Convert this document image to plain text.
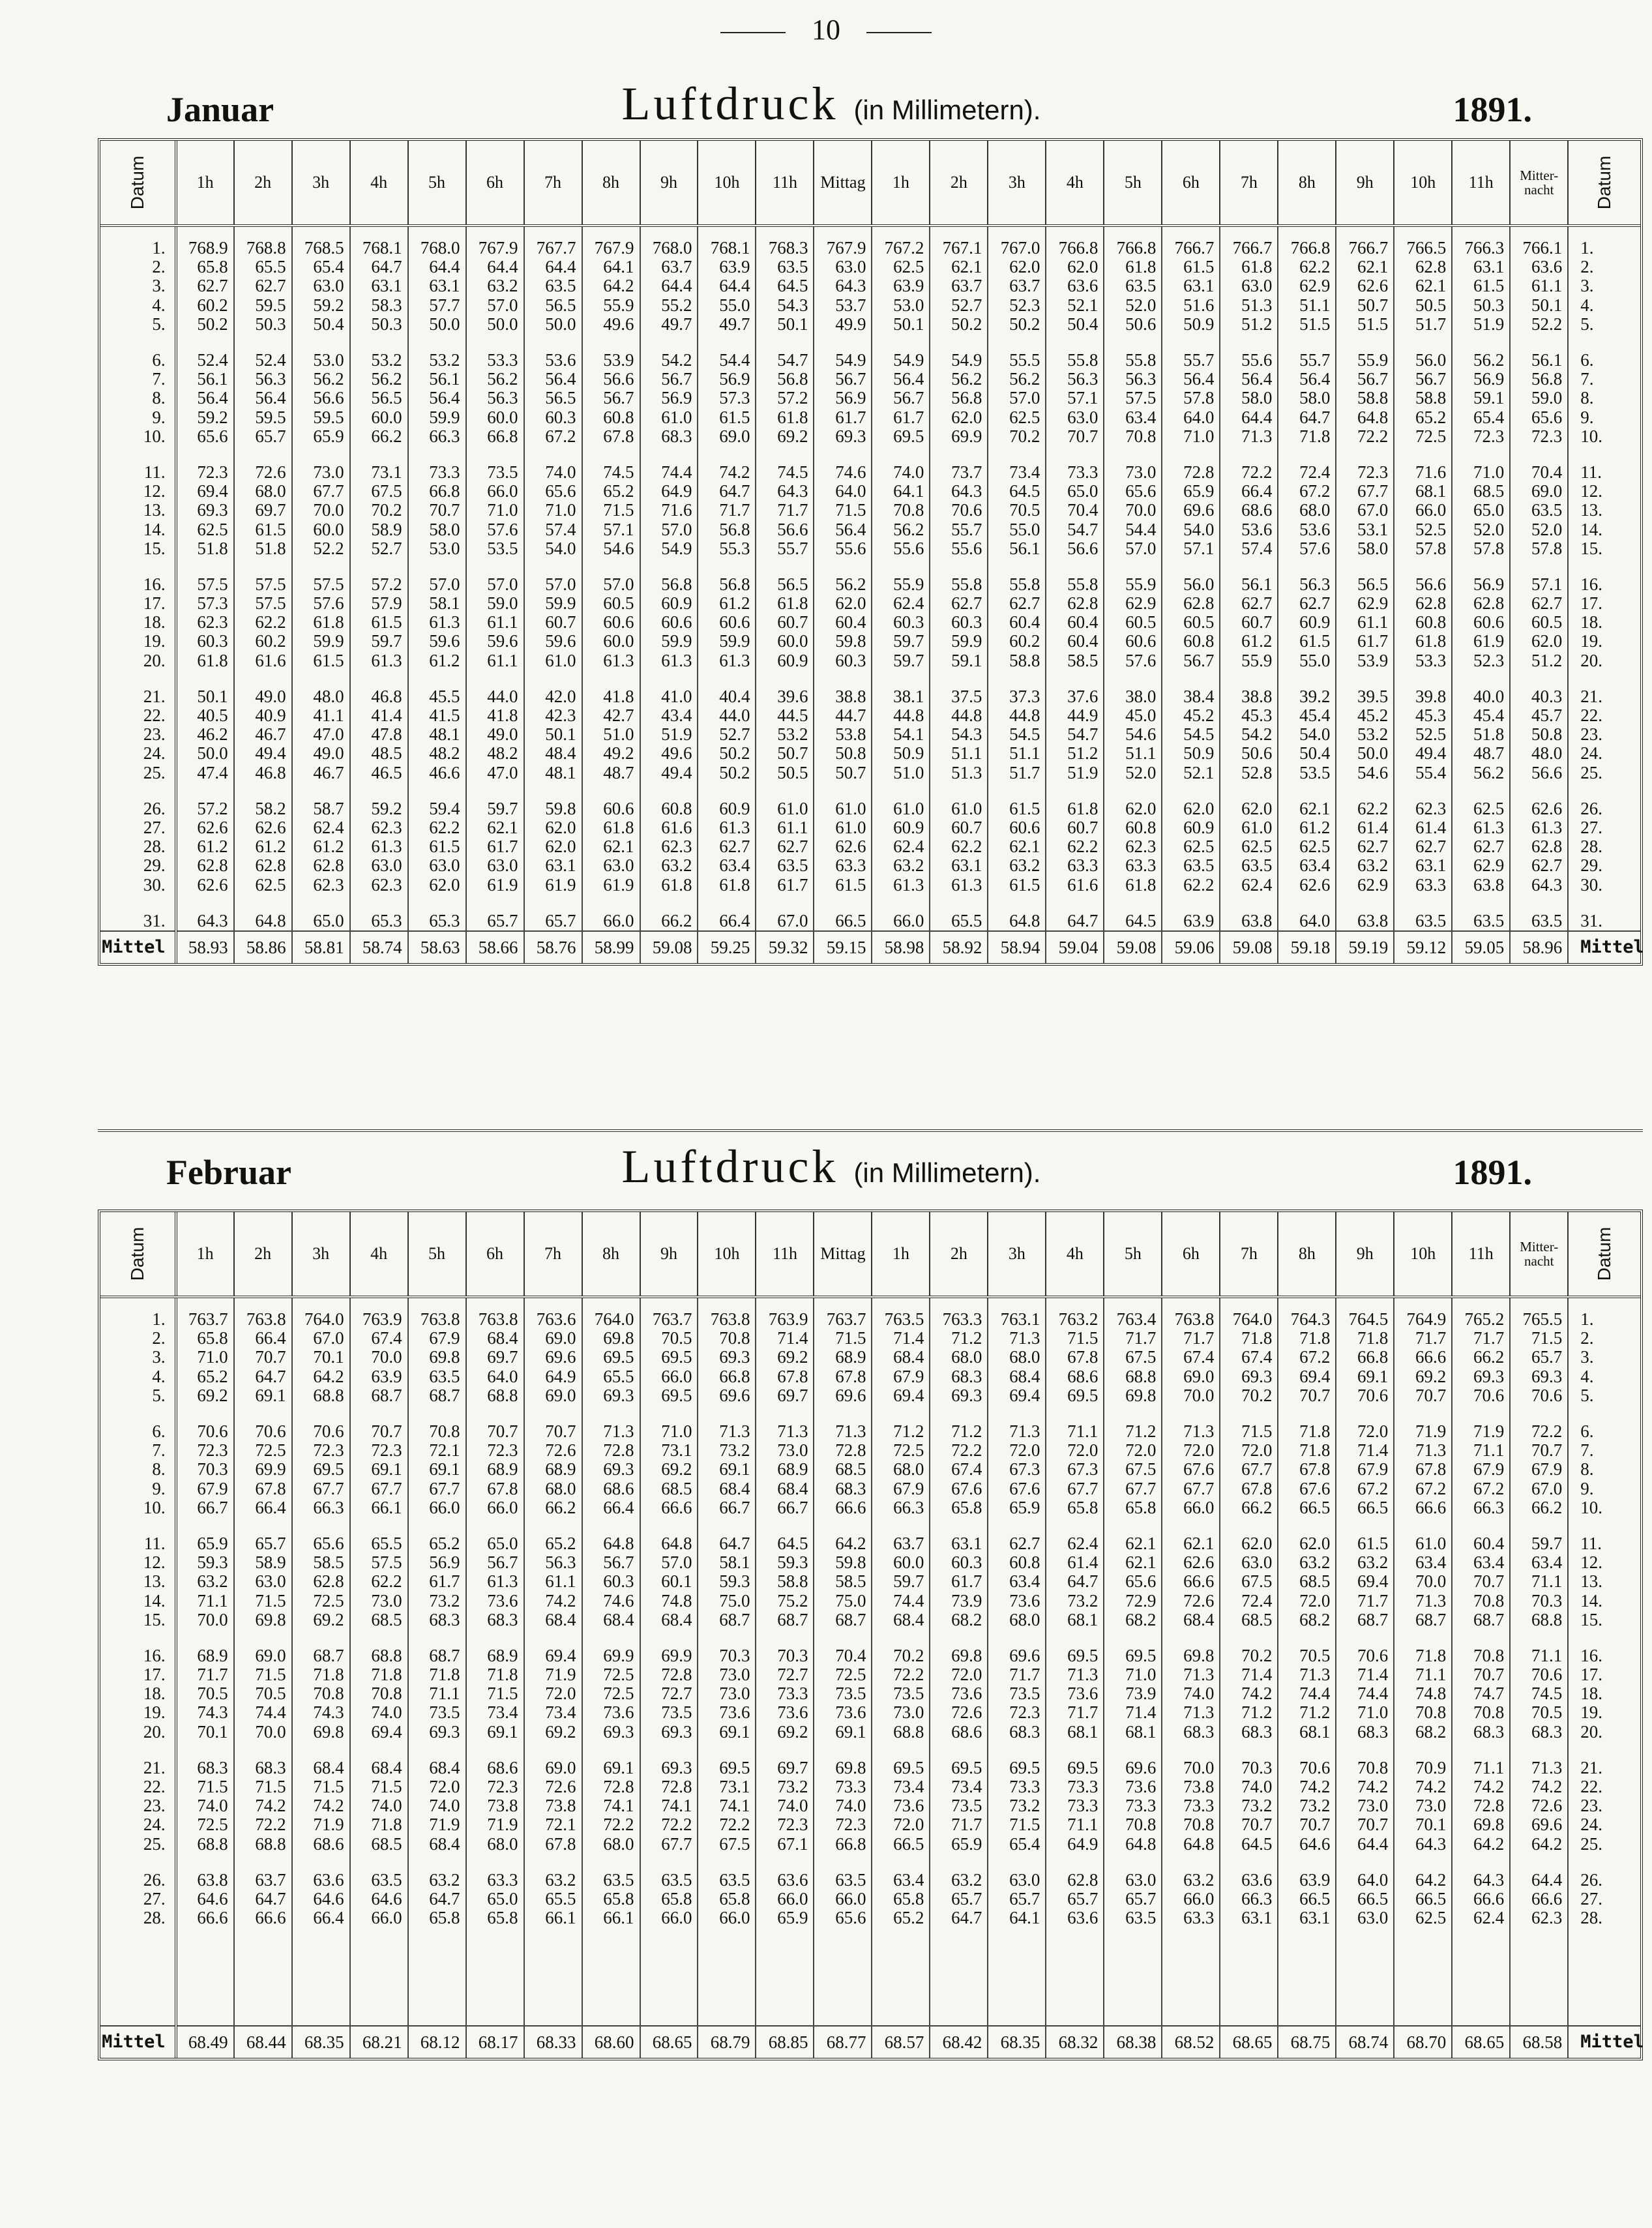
10
Januar	Luftdruck (in Millimetern).	1891.
Datum	1h	2h	3h	4h	5h	6h	7h	8h	9h	10h	11h	Mittag	1h	2h	3h	4h	5h	6h	7h	8h	9h	10h	11h	Mitter-nacht	Datum

1.	768.9	768.8	768.5	768.1	768.0	767.9	767.7	767.9	768.0	768.1	768.3	767.9	767.2	767.1	767.0	766.8	766.8	766.7	766.7	766.8	766.7	766.5	766.3	766.1	1.
2.	65.8	65.5	65.4	64.7	64.4	64.4	64.4	64.1	63.7	63.9	63.5	63.0	62.5	62.1	62.0	62.0	61.8	61.5	61.8	62.2	62.1	62.8	63.1	63.6	2.
3.	62.7	62.7	63.0	63.1	63.1	63.2	63.5	64.2	64.4	64.4	64.5	64.3	63.9	63.7	63.7	63.6	63.5	63.1	63.0	62.9	62.6	62.1	61.5	61.1	3.
4.	60.2	59.5	59.2	58.3	57.7	57.0	56.5	55.9	55.2	55.0	54.3	53.7	53.0	52.7	52.3	52.1	52.0	51.6	51.3	51.1	50.7	50.5	50.3	50.1	4.
5.	50.2	50.3	50.4	50.3	50.0	50.0	50.0	49.6	49.7	49.7	50.1	49.9	50.1	50.2	50.2	50.4	50.6	50.9	51.2	51.5	51.5	51.7	51.9	52.2	5.

6.	52.4	52.4	53.0	53.2	53.2	53.3	53.6	53.9	54.2	54.4	54.7	54.9	54.9	54.9	55.5	55.8	55.8	55.7	55.6	55.7	55.9	56.0	56.2	56.1	6.
7.	56.1	56.3	56.2	56.2	56.1	56.2	56.4	56.6	56.7	56.9	56.8	56.7	56.4	56.2	56.2	56.3	56.3	56.4	56.4	56.4	56.7	56.7	56.9	56.8	7.
8.	56.4	56.4	56.6	56.5	56.4	56.3	56.5	56.7	56.9	57.3	57.2	56.9	56.7	56.8	57.0	57.1	57.5	57.8	58.0	58.0	58.8	58.8	59.1	59.0	8.
9.	59.2	59.5	59.5	60.0	59.9	60.0	60.3	60.8	61.0	61.5	61.8	61.7	61.7	62.0	62.5	63.0	63.4	64.0	64.4	64.7	64.8	65.2	65.4	65.6	9.
10.	65.6	65.7	65.9	66.2	66.3	66.8	67.2	67.8	68.3	69.0	69.2	69.3	69.5	69.9	70.2	70.7	70.8	71.0	71.3	71.8	72.2	72.5	72.3	72.3	10.

11.	72.3	72.6	73.0	73.1	73.3	73.5	74.0	74.5	74.4	74.2	74.5	74.6	74.0	73.7	73.4	73.3	73.0	72.8	72.2	72.4	72.3	71.6	71.0	70.4	11.
12.	69.4	68.0	67.7	67.5	66.8	66.0	65.6	65.2	64.9	64.7	64.3	64.0	64.1	64.3	64.5	65.0	65.6	65.9	66.4	67.2	67.7	68.1	68.5	69.0	12.
13.	69.3	69.7	70.0	70.2	70.7	71.0	71.0	71.5	71.6	71.7	71.7	71.5	70.8	70.6	70.5	70.4	70.0	69.6	68.6	68.0	67.0	66.0	65.0	63.5	13.
14.	62.5	61.5	60.0	58.9	58.0	57.6	57.4	57.1	57.0	56.8	56.6	56.4	56.2	55.7	55.0	54.7	54.4	54.0	53.6	53.6	53.1	52.5	52.0	52.0	14.
15.	51.8	51.8	52.2	52.7	53.0	53.5	54.0	54.6	54.9	55.3	55.7	55.6	55.6	55.6	56.1	56.6	57.0	57.1	57.4	57.6	58.0	57.8	57.8	57.8	15.

16.	57.5	57.5	57.5	57.2	57.0	57.0	57.0	57.0	56.8	56.8	56.5	56.2	55.9	55.8	55.8	55.8	55.9	56.0	56.1	56.3	56.5	56.6	56.9	57.1	16.
17.	57.3	57.5	57.6	57.9	58.1	59.0	59.9	60.5	60.9	61.2	61.8	62.0	62.4	62.7	62.7	62.8	62.9	62.8	62.7	62.7	62.9	62.8	62.8	62.7	17.
18.	62.3	62.2	61.8	61.5	61.3	61.1	60.7	60.6	60.6	60.6	60.7	60.4	60.3	60.3	60.4	60.4	60.5	60.5	60.7	60.9	61.1	60.8	60.6	60.5	18.
19.	60.3	60.2	59.9	59.7	59.6	59.6	59.6	60.0	59.9	59.9	60.0	59.8	59.7	59.9	60.2	60.4	60.6	60.8	61.2	61.5	61.7	61.8	61.9	62.0	19.
20.	61.8	61.6	61.5	61.3	61.2	61.1	61.0	61.3	61.3	61.3	60.9	60.3	59.7	59.1	58.8	58.5	57.6	56.7	55.9	55.0	53.9	53.3	52.3	51.2	20.

21.	50.1	49.0	48.0	46.8	45.5	44.0	42.0	41.8	41.0	40.4	39.6	38.8	38.1	37.5	37.3	37.6	38.0	38.4	38.8	39.2	39.5	39.8	40.0	40.3	21.
22.	40.5	40.9	41.1	41.4	41.5	41.8	42.3	42.7	43.4	44.0	44.5	44.7	44.8	44.8	44.8	44.9	45.0	45.2	45.3	45.4	45.2	45.3	45.4	45.7	22.
23.	46.2	46.7	47.0	47.8	48.1	49.0	50.1	51.0	51.9	52.7	53.2	53.8	54.1	54.3	54.5	54.7	54.6	54.5	54.2	54.0	53.2	52.5	51.8	50.8	23.
24.	50.0	49.4	49.0	48.5	48.2	48.2	48.4	49.2	49.6	50.2	50.7	50.8	50.9	51.1	51.1	51.2	51.1	50.9	50.6	50.4	50.0	49.4	48.7	48.0	24.
25.	47.4	46.8	46.7	46.5	46.6	47.0	48.1	48.7	49.4	50.2	50.5	50.7	51.0	51.3	51.7	51.9	52.0	52.1	52.8	53.5	54.6	55.4	56.2	56.6	25.

26.	57.2	58.2	58.7	59.2	59.4	59.7	59.8	60.6	60.8	60.9	61.0	61.0	61.0	61.0	61.5	61.8	62.0	62.0	62.0	62.1	62.2	62.3	62.5	62.6	26.
27.	62.6	62.6	62.4	62.3	62.2	62.1	62.0	61.8	61.6	61.3	61.1	61.0	60.9	60.7	60.6	60.7	60.8	60.9	61.0	61.2	61.4	61.4	61.3	61.3	27.
28.	61.2	61.2	61.2	61.3	61.5	61.7	62.0	62.1	62.3	62.7	62.7	62.6	62.4	62.2	62.1	62.2	62.3	62.5	62.5	62.5	62.7	62.7	62.7	62.8	28.
29.	62.8	62.8	62.8	63.0	63.0	63.0	63.1	63.0	63.2	63.4	63.5	63.3	63.2	63.1	63.2	63.3	63.3	63.5	63.5	63.4	63.2	63.1	62.9	62.7	29.
30.	62.6	62.5	62.3	62.3	62.0	61.9	61.9	61.9	61.8	61.8	61.7	61.5	61.3	61.3	61.5	61.6	61.8	62.2	62.4	62.6	62.9	63.3	63.8	64.3	30.

31.	64.3	64.8	65.0	65.3	65.3	65.7	65.7	66.0	66.2	66.4	67.0	66.5	66.0	65.5	64.8	64.7	64.5	63.9	63.8	64.0	63.8	63.5	63.5	63.5	31.
Mittel	58.93	58.86	58.81	58.74	58.63	58.66	58.76	58.99	59.08	59.25	59.32	59.15	58.98	58.92	58.94	59.04	59.08	59.06	59.08	59.18	59.19	59.12	59.05	58.96	Mittel
Februar	Luftdruck (in Millimetern).	1891.
Datum	1h	2h	3h	4h	5h	6h	7h	8h	9h	10h	11h	Mittag	1h	2h	3h	4h	5h	6h	7h	8h	9h	10h	11h	Mitter-nacht	Datum

1.	763.7	763.8	764.0	763.9	763.8	763.8	763.6	764.0	763.7	763.8	763.9	763.7	763.5	763.3	763.1	763.2	763.4	763.8	764.0	764.3	764.5	764.9	765.2	765.5	1.
2.	65.8	66.4	67.0	67.4	67.9	68.4	69.0	69.8	70.5	70.8	71.4	71.5	71.4	71.2	71.3	71.5	71.7	71.7	71.8	71.8	71.8	71.7	71.7	71.5	2.
3.	71.0	70.7	70.1	70.0	69.8	69.7	69.6	69.5	69.5	69.3	69.2	68.9	68.4	68.0	68.0	67.8	67.5	67.4	67.4	67.2	66.8	66.6	66.2	65.7	3.
4.	65.2	64.7	64.2	63.9	63.5	64.0	64.9	65.5	66.0	66.8	67.8	67.8	67.9	68.3	68.4	68.6	68.8	69.0	69.3	69.4	69.1	69.2	69.3	69.3	4.
5.	69.2	69.1	68.8	68.7	68.7	68.8	69.0	69.3	69.5	69.6	69.7	69.6	69.4	69.3	69.4	69.5	69.8	70.0	70.2	70.7	70.6	70.7	70.6	70.6	5.

6.	70.6	70.6	70.6	70.7	70.8	70.7	70.7	71.3	71.0	71.3	71.3	71.3	71.2	71.2	71.3	71.1	71.2	71.3	71.5	71.8	72.0	71.9	71.9	72.2	6.
7.	72.3	72.5	72.3	72.3	72.1	72.3	72.6	72.8	73.1	73.2	73.0	72.8	72.5	72.2	72.0	72.0	72.0	72.0	72.0	71.8	71.4	71.3	71.1	70.7	7.
8.	70.3	69.9	69.5	69.1	69.1	68.9	68.9	69.3	69.2	69.1	68.9	68.5	68.0	67.4	67.3	67.3	67.5	67.6	67.7	67.8	67.9	67.8	67.9	67.9	8.
9.	67.9	67.8	67.7	67.7	67.7	67.8	68.0	68.6	68.5	68.4	68.4	68.3	67.9	67.6	67.6	67.7	67.7	67.7	67.8	67.6	67.2	67.2	67.2	67.0	9.
10.	66.7	66.4	66.3	66.1	66.0	66.0	66.2	66.4	66.6	66.7	66.7	66.6	66.3	65.8	65.9	65.8	65.8	66.0	66.2	66.5	66.5	66.6	66.3	66.2	10.

11.	65.9	65.7	65.6	65.5	65.2	65.0	65.2	64.8	64.8	64.7	64.5	64.2	63.7	63.1	62.7	62.4	62.1	62.1	62.0	62.0	61.5	61.0	60.4	59.7	11.
12.	59.3	58.9	58.5	57.5	56.9	56.7	56.3	56.7	57.0	58.1	59.3	59.8	60.0	60.3	60.8	61.4	62.1	62.6	63.0	63.2	63.2	63.4	63.4	63.4	12.
13.	63.2	63.0	62.8	62.2	61.7	61.3	61.1	60.3	60.1	59.3	58.8	58.5	59.7	61.7	63.4	64.7	65.6	66.6	67.5	68.5	69.4	70.0	70.7	71.1	13.
14.	71.1	71.5	72.5	73.0	73.2	73.6	74.2	74.6	74.8	75.0	75.2	75.0	74.4	73.9	73.6	73.2	72.9	72.6	72.4	72.0	71.7	71.3	70.8	70.3	14.
15.	70.0	69.8	69.2	68.5	68.3	68.3	68.4	68.4	68.4	68.7	68.7	68.7	68.4	68.2	68.0	68.1	68.2	68.4	68.5	68.2	68.7	68.7	68.7	68.8	15.

16.	68.9	69.0	68.7	68.8	68.7	68.9	69.4	69.9	69.9	70.3	70.3	70.4	70.2	69.8	69.6	69.5	69.5	69.8	70.2	70.5	70.6	71.8	70.8	71.1	16.
17.	71.7	71.5	71.8	71.8	71.8	71.8	71.9	72.5	72.8	73.0	72.7	72.5	72.2	72.0	71.7	71.3	71.0	71.3	71.4	71.3	71.4	71.1	70.7	70.6	17.
18.	70.5	70.5	70.8	70.8	71.1	71.5	72.0	72.5	72.7	73.0	73.3	73.5	73.5	73.6	73.5	73.6	73.9	74.0	74.2	74.4	74.4	74.8	74.7	74.5	18.
19.	74.3	74.4	74.3	74.0	73.5	73.4	73.4	73.6	73.5	73.6	73.6	73.6	73.0	72.6	72.3	71.7	71.4	71.3	71.2	71.2	71.0	70.8	70.8	70.5	19.
20.	70.1	70.0	69.8	69.4	69.3	69.1	69.2	69.3	69.3	69.1	69.2	69.1	68.8	68.6	68.3	68.1	68.1	68.3	68.3	68.1	68.3	68.2	68.3	68.3	20.

21.	68.3	68.3	68.4	68.4	68.4	68.6	69.0	69.1	69.3	69.5	69.7	69.8	69.5	69.5	69.5	69.5	69.6	70.0	70.3	70.6	70.8	70.9	71.1	71.3	21.
22.	71.5	71.5	71.5	71.5	72.0	72.3	72.6	72.8	72.8	73.1	73.2	73.3	73.4	73.4	73.3	73.3	73.6	73.8	74.0	74.2	74.2	74.2	74.2	74.2	22.
23.	74.0	74.2	74.2	74.0	74.0	73.8	73.8	74.1	74.1	74.1	74.0	74.0	73.6	73.5	73.2	73.3	73.3	73.3	73.2	73.2	73.0	73.0	72.8	72.6	23.
24.	72.5	72.2	71.9	71.8	71.9	71.9	72.1	72.2	72.2	72.2	72.3	72.3	72.0	71.7	71.5	71.1	70.8	70.8	70.7	70.7	70.7	70.1	69.8	69.6	24.
25.	68.8	68.8	68.6	68.5	68.4	68.0	67.8	68.0	67.7	67.5	67.1	66.8	66.5	65.9	65.4	64.9	64.8	64.8	64.5	64.6	64.4	64.3	64.2	64.2	25.

26.	63.8	63.7	63.6	63.5	63.2	63.3	63.2	63.5	63.5	63.5	63.6	63.5	63.4	63.2	63.0	62.8	63.0	63.2	63.6	63.9	64.0	64.2	64.3	64.4	26.
27.	64.6	64.7	64.6	64.6	64.7	65.0	65.5	65.8	65.8	65.8	66.0	66.0	65.8	65.7	65.7	65.7	65.7	66.0	66.3	66.5	66.5	66.5	66.6	66.6	27.
28.	66.6	66.6	66.4	66.0	65.8	65.8	66.1	66.1	66.0	66.0	65.9	65.6	65.2	64.7	64.1	63.6	63.5	63.3	63.1	63.1	63.0	62.5	62.4	62.3	28.

Mittel	68.49	68.44	68.35	68.21	68.12	68.17	68.33	68.60	68.65	68.79	68.85	68.77	68.57	68.42	68.35	68.32	68.38	68.52	68.65	68.75	68.74	68.70	68.65	68.58	Mittel
